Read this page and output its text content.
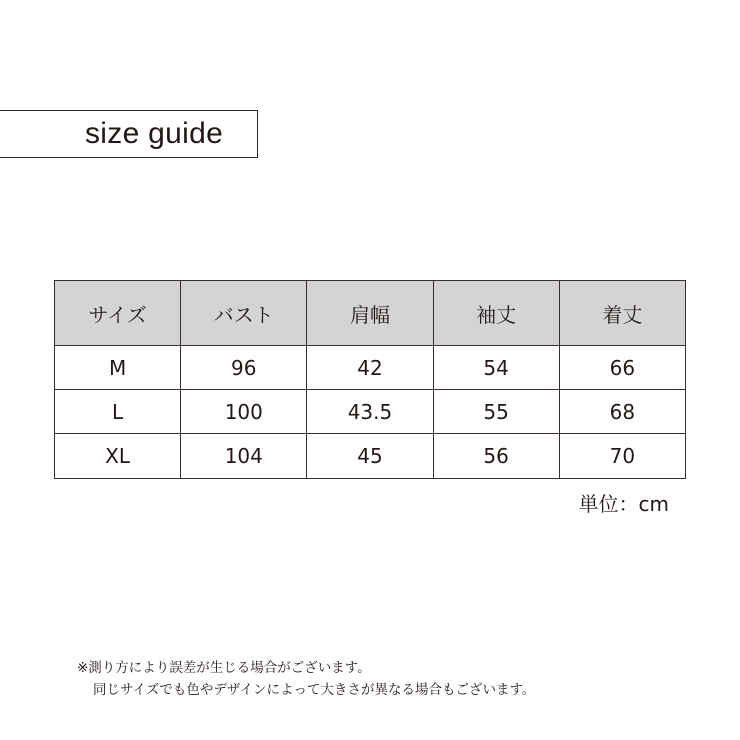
size guide
サイズ	バスト	肩幅	袖丈	着丈
M	96	42	54	66
L	100	43.5	55	68
XL	104	45	56	70
単位：cm
※測り方により誤差が生じる場合がございます。
同じサイズでも色やデザインによって大きさが異なる場合もございます。
